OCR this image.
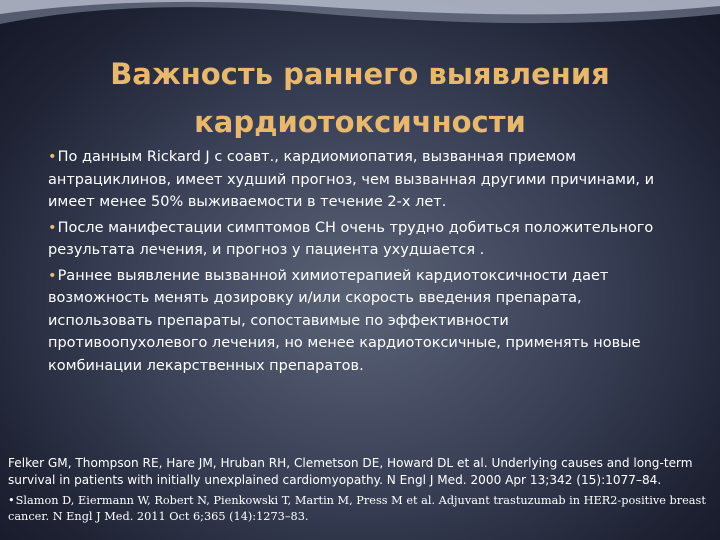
Важность раннего выявления кардиотоксичности
• По данным Rickard J с соавт., кардиомиопатия, вызванная приемом антрациклинов, имеет худший прогноз, чем вызванная другими причинами, и имеет менее 50% выживаемости в течение 2-х лет.
• После манифестации симптомов СН очень трудно добиться положительного результата лечения, и прогноз у пациента ухудшается .
• Раннее выявление вызванной химиотерапией кардиотоксичности дает возможность менять дозировку и/или скорость введения препарата, использовать препараты, сопоставимые по эффективности противоопухолевого лечения, но менее кардиотоксичные, применять новые комбинации лекарственных препаратов.

Felker GM, Thompson RE, Hare JM, Hruban RH, Clemetson DE, Howard DL et al. Underlying causes and long-term survival in patients with initially unexplained cardiomyopathy. N Engl J Med. 2000 Apr 13;342 (15):1077–84.

• Slamon D, Eiermann W, Robert N, Pienkowski T, Martin M, Press M et al. Adjuvant trastuzumab in HER2-positive breast cancer. N Engl J Med. 2011 Oct 6;365 (14):1273–83.
